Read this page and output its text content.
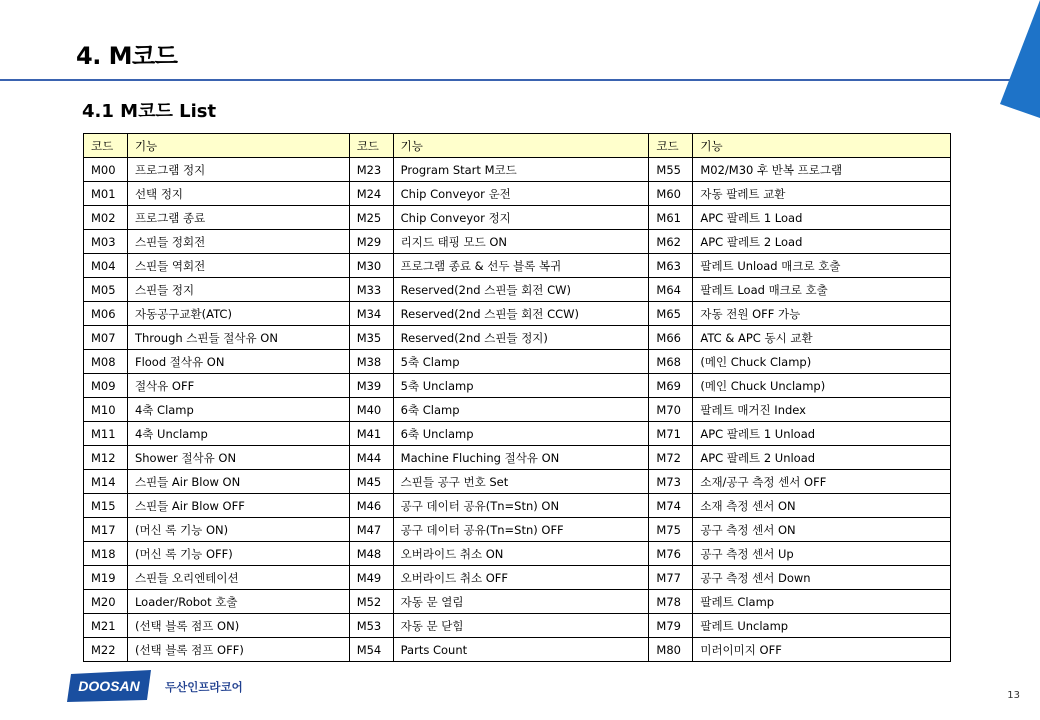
4. M코드
4.1 M코드 List
코드	기능	코드	기능	코드	기능
M00	프로그램 정지	M23	Program Start M코드	M55	M02/M30 후 반복 프로그램
M01	선택 정지	M24	Chip Conveyor 운전	M60	자동 팔레트 교환
M02	프로그램 종료	M25	Chip Conveyor 정지	M61	APC 팔레트 1 Load
M03	스핀들 정회전	M29	리지드 태핑 모드 ON	M62	APC 팔레트 2 Load
M04	스핀들 역회전	M30	프로그램 종료 & 선두 블록 복귀	M63	팔레트 Unload 매크로 호출
M05	스핀들 정지	M33	Reserved(2nd 스핀들 회전 CW)	M64	팔레트 Load 매크로 호출
M06	자동공구교환(ATC)	M34	Reserved(2nd 스핀들 회전 CCW)	M65	자동 전원 OFF 가능
M07	Through 스핀들 절삭유 ON	M35	Reserved(2nd 스핀들 정지)	M66	ATC & APC 동시 교환
M08	Flood 절삭유 ON	M38	5축 Clamp	M68	(메인 Chuck Clamp)
M09	절삭유 OFF	M39	5축 Unclamp	M69	(메인 Chuck Unclamp)
M10	4축 Clamp	M40	6축 Clamp	M70	팔레트 매거진 Index
M11	4축 Unclamp	M41	6축 Unclamp	M71	APC 팔레트 1 Unload
M12	Shower 절삭유 ON	M44	Machine Fluching 절삭유 ON	M72	APC 팔레트 2 Unload
M14	스핀들 Air Blow ON	M45	스핀들 공구 번호 Set	M73	소재/공구 측정 센서 OFF
M15	스핀들 Air Blow OFF	M46	공구 데이터 공유(Tn=Stn) ON	M74	소재 측정 센서 ON
M17	(머신 록 기능 ON)	M47	공구 데이터 공유(Tn=Stn) OFF	M75	공구 측정 센서 ON
M18	(머신 록 기능 OFF)	M48	오버라이드 취소 ON	M76	공구 측정 센서 Up
M19	스핀들 오리엔테이션	M49	오버라이드 취소 OFF	M77	공구 측정 센서 Down
M20	Loader/Robot 호출	M52	자동 문 열림	M78	팔레트 Clamp
M21	(선택 블록 점프 ON)	M53	자동 문 닫힘	M79	팔레트 Unclamp
M22	(선택 블록 점프 OFF)	M54	Parts Count	M80	미러이미지 OFF
DOOSAN 두산인프라코어
13
